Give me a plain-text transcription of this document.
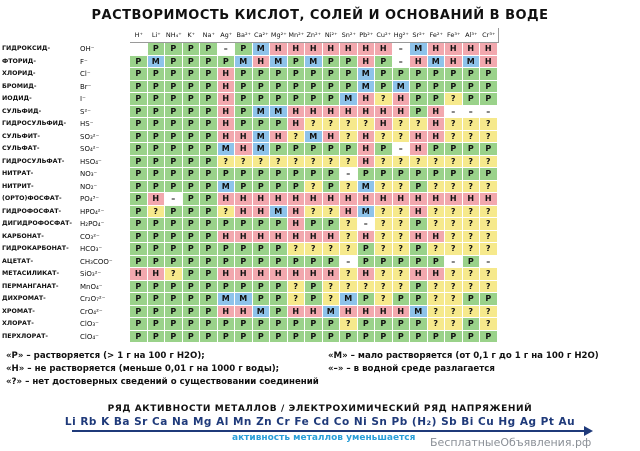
РАСТВОРИМОСТЬ КИСЛОТ, СОЛЕЙ И ОСНОВАНИЙ В ВОДЕ
H⁺	Li⁺ NH₄⁺ K⁺	Na⁺ Ag⁺ Ba²⁺ Ca²⁺ Mg²⁺ Mn²⁺ Zn²⁺ Ni²⁺ Sn²⁺ Pb²⁺ Cu²⁺ Hg²⁺ Sr²⁺ Fe²⁺ Fe³⁺ Al³⁺ Cr³⁺
ГИДРОКСИД-	OH⁻	P	P	P	P	–	P	M	H	H	H	H	H	H	H	–	M	H	H	H	H
ФТОРИД-	F⁻	P	M	P	P	P	P	M	H	M	P	M	P	P	H	P	–	H	M	H	M	H
ХЛОРИД-	Cl⁻	P	P	P	P	P	H	P	P	P	P	P	P	P	M	P	P	P	P	P	P	P
БРОМИД-	Br⁻	P	P	P	P	P	H	P	P	P	P	P	P	P	M	P	M	P	P	P	P	P
ИОДИД-	I⁻	P	P	P	P	P	H	P	P	P	P	P	P	M	H	?	H	P	P	?	P	P
СУЛЬФИД-	S²⁻	P	P	P	P	P	H	P	M	M	H	H	H	H	H	H	H	P	H	–	–	–
ГИДРОСУЛЬФИД-	HS⁻	P	P	P	P	P	H	P	P	P	H	?	?	?	?	H	?	?	H	?	?	?
СУЛЬФИТ-	SO₃²⁻	P	P	P	P	P	H	H	M	H	?	M	H	?	H	?	?	H	H	?	?	?
СУЛЬФАТ-	SO₄²⁻	P	P	P	P	P	M	H	M	P	P	P	P	P	H	P	–	H	P	P	P	P
ГИДРОСУЛЬФАТ-	HSO₄⁻	P	P	P	P	P	?	?	?	?	?	?	?	?	H	?	?	?	?	?	?	?
НИТРАТ-	NO₃⁻	P	P	P	P	P	P	P	P	P	P	P	P	–	P	P	P	P	P	P	P	P
НИТРИТ-	NO₂⁻	P	P	P	P	P	M	P	P	P	P	?	P	?	M	?	?	P	?	?	?	?
(ОРТО)ФОСФАТ-	PO₄³⁻	P	H	–	P	P	H	H	H	H	H	H	H	H	H	H	H	H	H	H	H	H
ГИДРОФОСФАТ-	HPO₄²⁻	P	?	P	P	P	?	H	H	M	H	?	?	H	M	?	?	H	?	?	?	?
ДИГИДРОФОСФАТ-	H₂PO₄⁻	P	P	P	P	P	P	P	P	P	H	P	P	?	–	?	?	P	?	?	?	?
КАРБОНАТ-	CO₃²⁻	P	P	P	P	P	H	H	H	H	H	H	H	?	H	?	?	H	H	?	?	?
ГИДРОКАРБОНАТ-	HCO₃⁻	P	P	P	P	P	P	P	P	P	?	?	?	?	P	?	?	P	?	?	?	?
АЦЕТАТ-	CH₃COO⁻	P	P	P	P	P	P	P	P	P	P	P	P	–	P	P	P	P	P	–	P	–
МЕТАСИЛИКАТ-	SiO₃²⁻	H	H	?	P	P	H	H	H	H	H	H	H	?	H	?	?	H	H	?	?	?
ПЕРМАНГАНАТ-	MnO₄⁻	P	P	P	P	P	P	P	P	P	?	P	?	?	?	?	?	P	?	?	?	?
ДИХРОМАТ-	Cr₂O₇²⁻	P	P	P	P	P	M	M	P	P	?	P	?	M	P	?	P	P	?	?	P	P
ХРОМАТ-	CrO₄²⁻	P	P	P	P	P	H	H	M	P	H	H	M	H	H	H	H	M	?	?	?	?
ХЛОРАТ-	ClO₃⁻	P	P	P	P	P	P	P	P	P	P	P	P	?	P	P	P	P	?	?	P	?
ПЕРХЛОРАТ-	ClO₄⁻	P	P	P	P	P	P	P	P	P	P	P	P	P	P	P	P	P	P	P	P	P
«Р» – растворяется (> 1 г на 100 г Н2О);	«М» – мало растворяется (от 0,1 г до 1 г на 100 г Н2О)
«Н» – не растворяется (меньше 0,01 г на 1000 г воды);	«–» – в водной среде разлагается
«?» – нет достоверных сведений о существовании соединений
РЯД АКТИВНОСТИ МЕТАЛЛОВ / ЭЛЕКТРОХИМИЧЕСКИЙ РЯД НАПРЯЖЕНИЙ
Li Rb K Ba Sr Ca Na Mg Al Mn Zn Cr Fe Cd Co Ni Sn Pb (H₂) Sb Bi Cu Hg Ag Pt Au
активность металлов уменьшается БесплатныеОбъявления.рф
